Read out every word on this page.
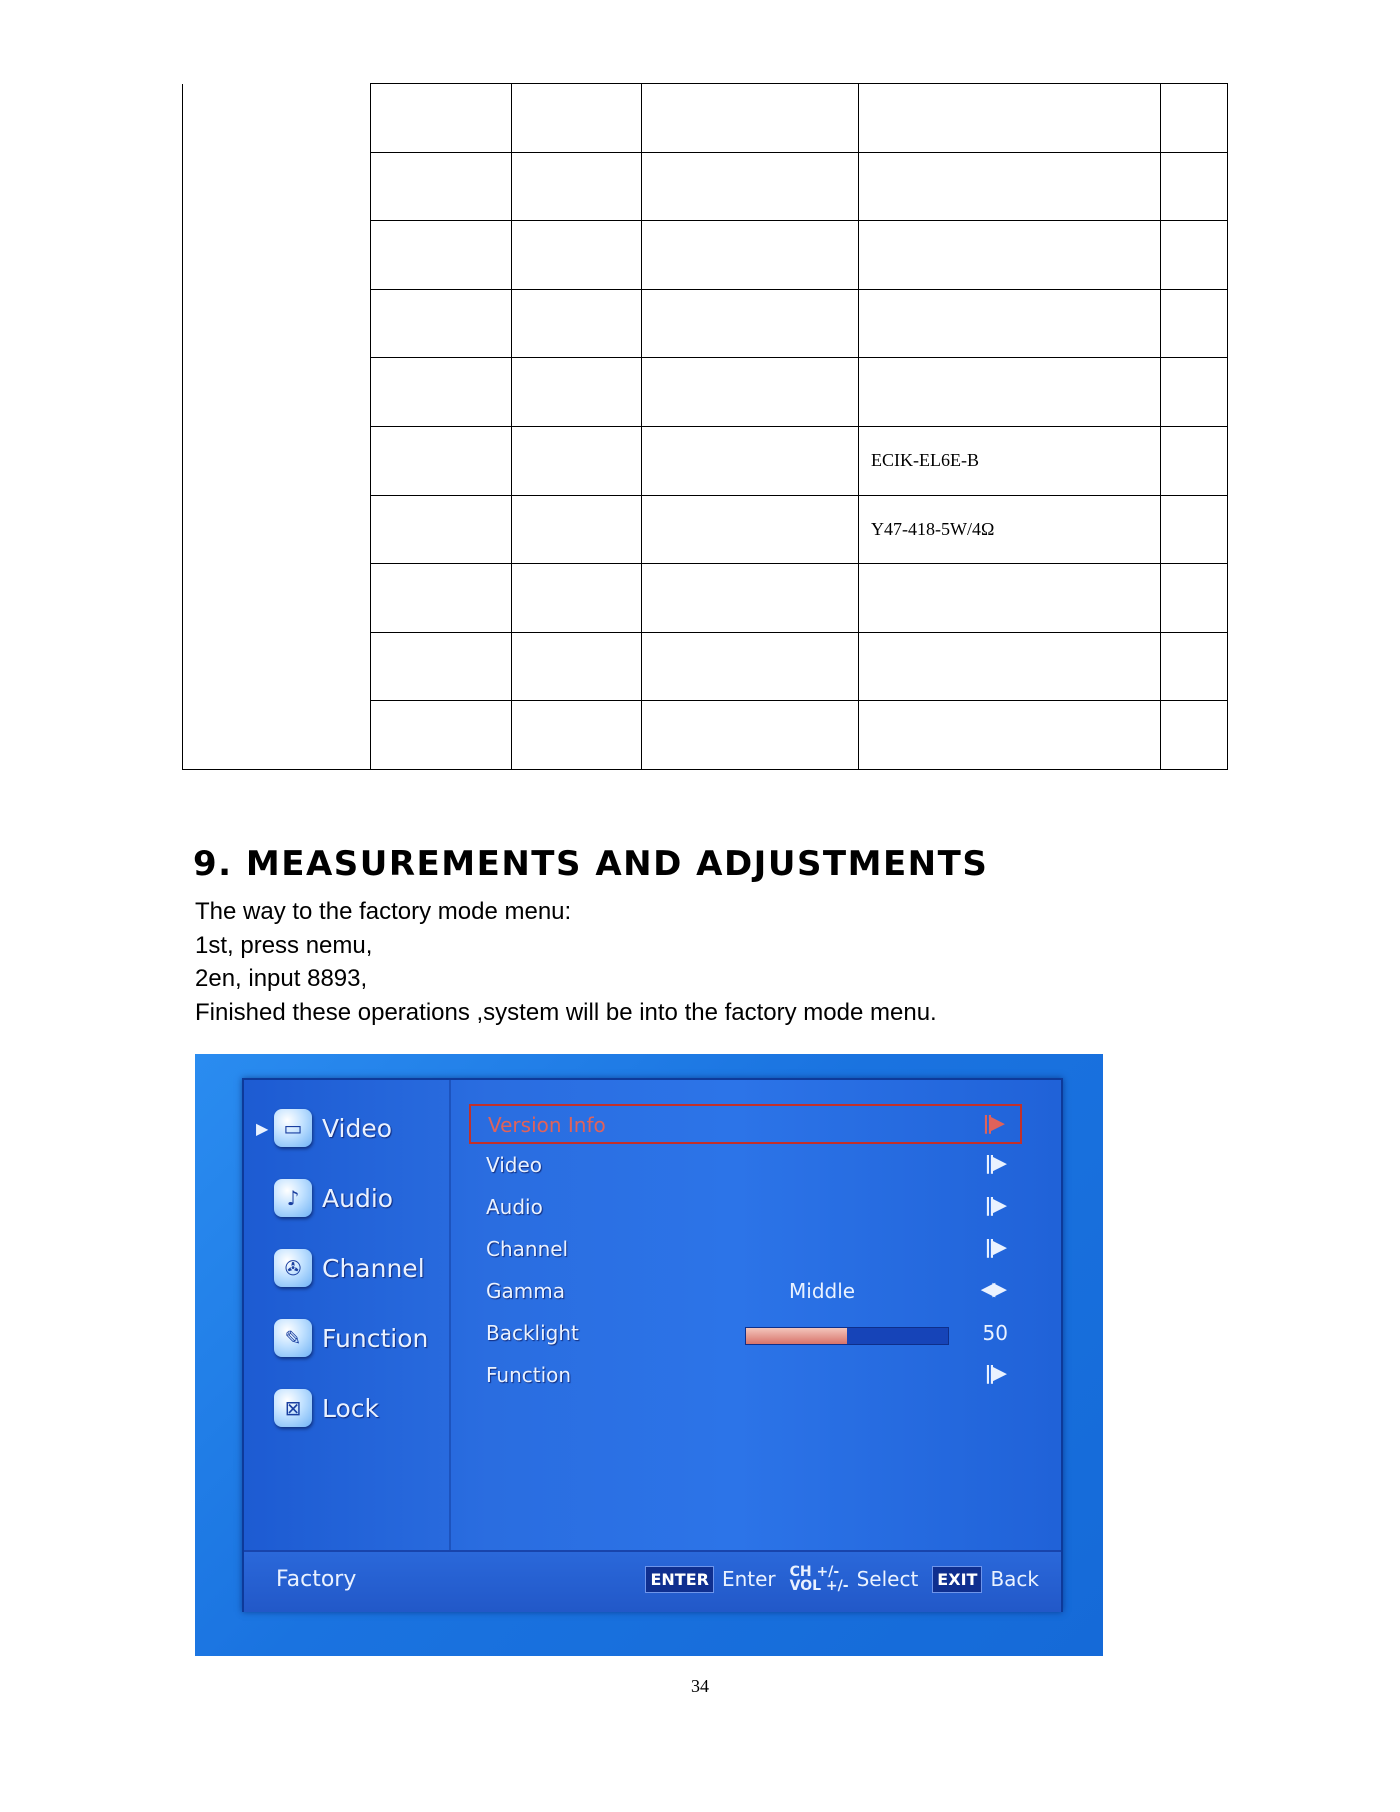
				ECIK-EL6E-B	
				Y47-418-5W/4Ω	

9. MEASUREMENTS AND ADJUSTMENTS
The way to the factory mode menu:
1st, press nemu,
2en, input 8893,
Finished these operations ,system will be into the factory mode menu.
▶ ▭ Video
♪ Audio
✇ Channel
✎ Function
⊠ Lock
Version Info	||▶
Video	||▶
Audio	||▶
Channel	||▶
Gamma	Middle	◀▶
Backlight	50
Function	||▶
Factory	ENTER Enter CH +/-
VOL +/- Select	EXIT Back
34
